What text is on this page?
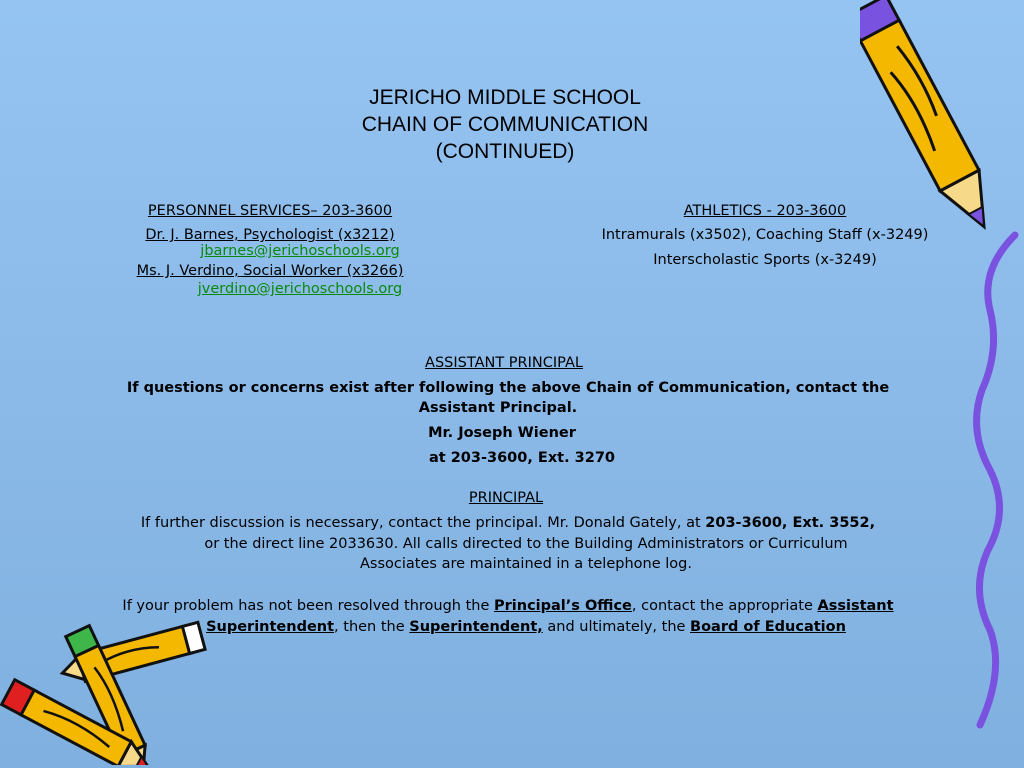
JERICHO MIDDLE SCHOOL
CHAIN OF COMMUNICATION
(CONTINUED)
PERSONNEL SERVICES– 203-3600
Dr. J. Barnes, Psychologist (x3212)
jbarnes@jerichoschools.org
Ms. J. Verdino, Social Worker (x3266)
jverdino@jerichoschools.org
ATHLETICS - 203-3600
Intramurals (x3502), Coaching Staff (x-3249)
Interscholastic Sports (x-3249)
ASSISTANT PRINCIPAL
If questions or concerns exist after following the above Chain of Communication, contact the
Assistant Principal.
Mr. Joseph Wiener
at 203-3600, Ext. 3270
PRINCIPAL
If further discussion is necessary, contact the principal. Mr. Donald Gately, at 203-3600, Ext. 3552,
or the direct line 2033630. All calls directed to the Building Administrators or Curriculum
Associates are maintained in a telephone log.
If your problem has not been resolved through the Principal’s Office, contact the appropriate Assistant
Superintendent, then the Superintendent, and ultimately, the Board of Education
